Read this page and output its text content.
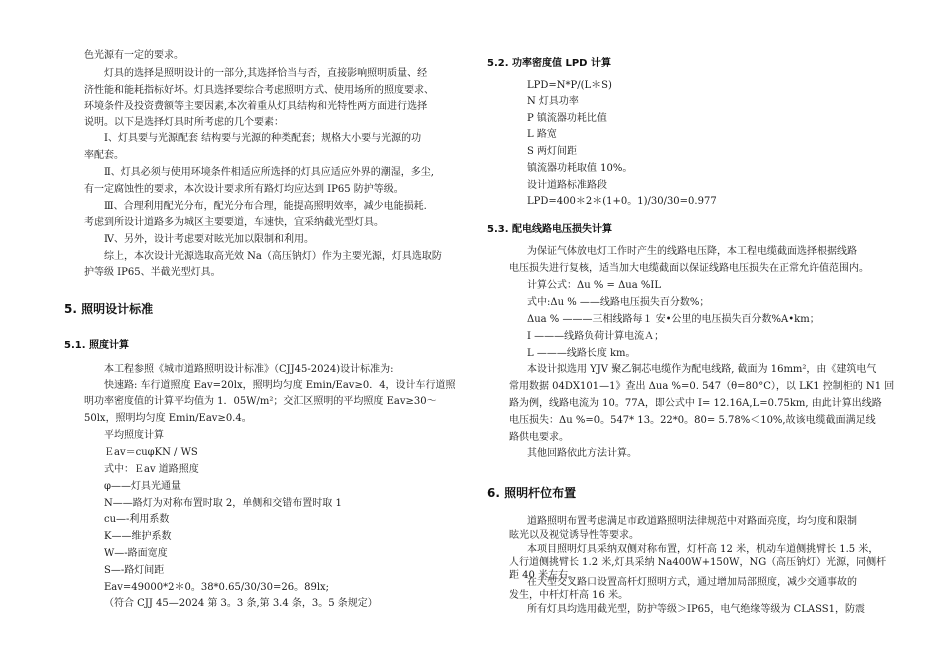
色光源有一定的要求。
灯具的选择是照明设计的一部分,其选择恰当与否，直接影响照明质量、经
济性能和能耗指标好坏。灯具选择要综合考虑照明方式、使用场所的照度要求、
环境条件及投资费额等主要因素,本次着重从灯具结构和光特性两方面进行选择
说明。以下是选择灯具时所考虑的几个要素：
Ⅰ、灯具要与光源配套 结构要与光源的种类配套；规格大小要与光源的功
率配套。
Ⅱ、灯具必须与使用环境条件相适应所选择的灯具应适应外界的潮湿，多尘,
有一定腐蚀性的要求，本次设计要求所有路灯均应达到 IP65 防护等级。
Ⅲ、合理利用配光分布，配光分布合理，能提高照明效率，减少电能损耗.
考虑到所设计道路多为城区主要要道，车速快，宜采纳截光型灯具。
Ⅳ、另外，设计考虑要对眩光加以限制和利用。
综上，本次设计光源选取高光效 Na（高压钠灯）作为主要光源，灯具选取防
护等级 IP65、半截光型灯具。
5. 照明设计标准
5.1. 照度计算
本工程参照《城市道路照明设计标准》（CJJ45-2024)设计标准为:
快速路: 车行道照度 Eav=20lx，照明均匀度 Emin/Eav≥0．4，设计车行道照
明功率密度值的计算平均值为 1．05W/m²；交汇区照明的平均照度 Eav≥30～
50lx，照明均匀度 Emin/Eav≥0.4。
平均照度计算
Ｅav＝cuφKN / WS
式中：Ｅav 道路照度
φ——灯具光通量
N——路灯为对称布置时取 2，单侧和交错布置时取 1
cu—-利用系数
K——维护系数
W—-路面宽度
S—-路灯间距
Eav=49000*2＊0。38*0.65/30/30=26。89lx;
（符合 CJJ 45—2024 第 3。3 条,第 3.4 条，3。5 条规定）
5.2. 功率密度值 LPD 计算
LPD=N*P/(L＊S)
N 灯具功率
P 镇流器功耗比值
L 路宽
S 两灯间距
镇流器功耗取值 10%。
设计道路标准路段
LPD=400＊2＊(1+0。1)/30/30=0.977
5.3. 配电线路电压损失计算
为保证气体放电灯工作时产生的线路电压降，本工程电缆截面选择根据线路
电压损失进行复核，适当加大电缆截面以保证线路电压损失在正常允许值范围内。
计算公式：Δu % = Δua %IL
式中:Δu % ——线路电压损失百分数%；
Δua % ———三相线路每１ 安•公里的电压损失百分数%A•km；
I ———线路负荷计算电流Ａ；
L ———线路长度 km。
本设计拟选用 YJV 聚乙铜芯电缆作为配电线路, 截面为 16mm²，由《建筑电气
常用数据 04DX101—1》查出 Δua %=0. 547（θ=80°C），以 LK1 控制柜的 N1 回
路为例，线路电流为 10。77A，即公式中 I= 12.16A,L=0.75km, 由此计算出线路
电压损失：Δu %=0。547* 13。22*0。80= 5.78%＜10%,故该电缆截面满足线
路供电要求。
其他回路依此方法计算。
6. 照明杆位布置
道路照明布置考虑满足市政道路照明法律规范中对路面亮度，均匀度和限制
眩光以及视觉诱导性等要求。
本项目照明灯具采纳双侧对称布置，灯杆高 12 米，机动车道侧挑臂长 1.5 米，
人行道侧挑臂长 1.2 米,灯具采纳 Na400W+150W，NG（高压钠灯）光源，同侧杆
距 40 米左右。
在大型交叉路口设置高杆灯照明方式，通过增加局部照度，减少交通事故的
发生，中杆灯杆高 16 米。
所有灯具均选用截光型，防护等级＞IP65，电气绝缘等级为 CLASS1，防震
